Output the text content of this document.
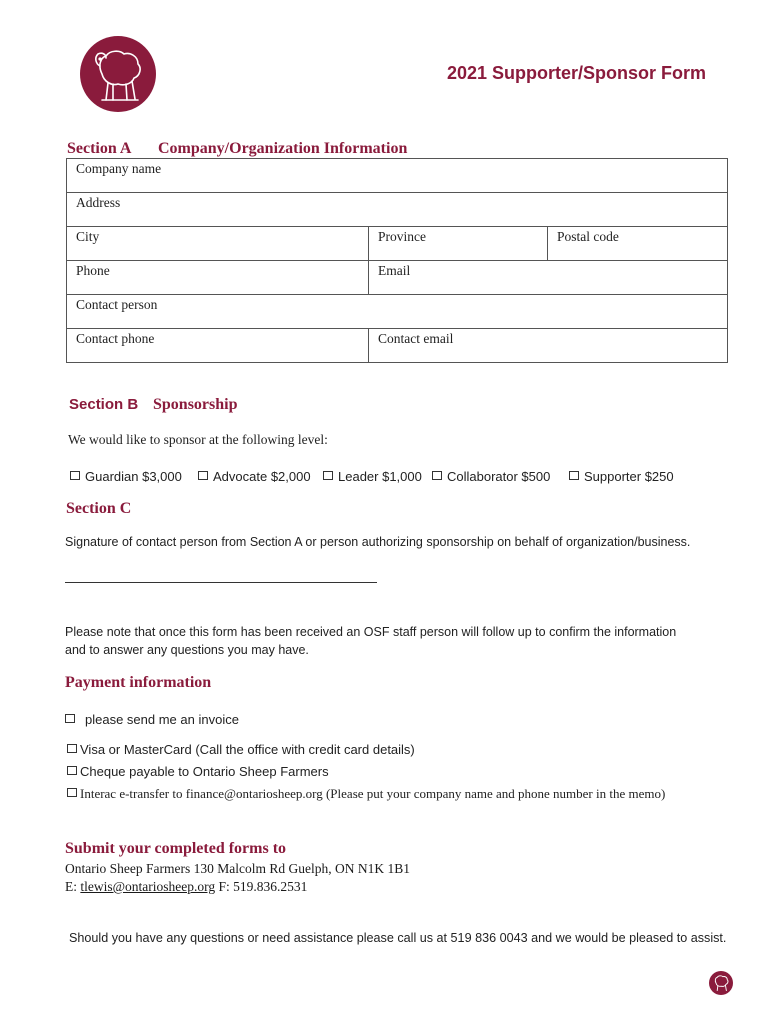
2021 Supporter/Sponsor Form
Section A Company/Organization Information
Company name		
Address		
City	Province	Postal code
Phone	Email	
Contact person		
Contact phone	Contact email	
Section B Sponsorship
We would like to sponsor at the following level:
Guardian $3,000	Advocate $2,000	Leader $1,000	Collaborator $500	Supporter $250
Section C
Signature of contact person from Section A or person authorizing sponsorship on behalf of organization/business.
Please note that once this form has been received an OSF staff person will follow up to confirm the information
and to answer any questions you may have.
Payment information
please send me an invoice
Visa or MasterCard (Call the office with credit card details)
Cheque payable to Ontario Sheep Farmers
Interac e-transfer to finance@ontariosheep.org (Please put your company name and phone number in the memo)
Submit your completed forms to
Ontario Sheep Farmers 130 Malcolm Rd Guelph, ON N1K 1B1
E: tlewis@ontariosheep.org F: 519.836.2531
Should you have any questions or need assistance please call us at 519 836 0043 and we would be pleased to assist.
